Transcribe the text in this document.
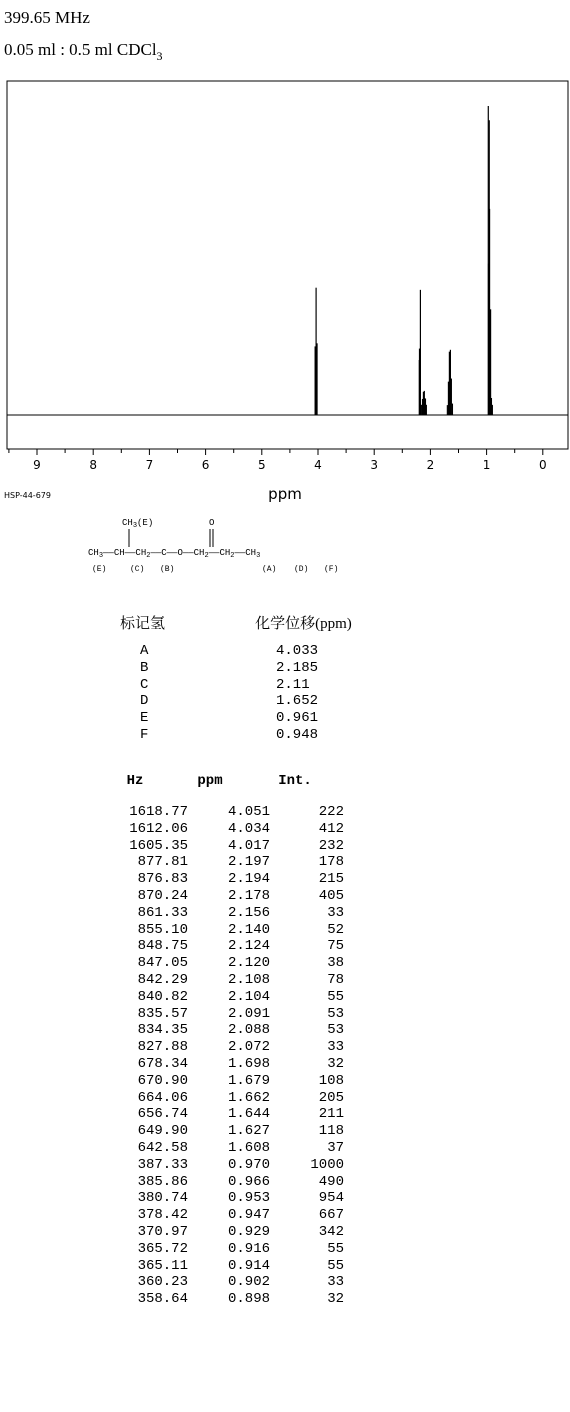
399.65 MHz
0.05 ml : 0.5 ml CDCl$_3$
9	8	7	6	5	4	3	2	1	0
HSP-44-679	ppm
$CH_3(E)$	O
$CH_3——CH——CH_2——C——O——CH_2——CH_2——CH_3$
(E)	(C) (B)	(A) (D) (F)
标记氢	化学位移(ppm)
A	4.033
B	2.185
C	2.11
D	1.652
E	0.961
F	0.948
Hz	ppm	Int.
1618.77	4.051	222
1612.06	4.034	412
1605.35	4.017	232
877.81	2.197	178
876.83	2.194	215
870.24	2.178	405
861.33	2.156	33
855.10	2.140	52
848.75	2.124	75
847.05	2.120	38
842.29	2.108	78
840.82	2.104	55
835.57	2.091	53
834.35	2.088	53
827.88	2.072	33
678.34	1.698	32
670.90	1.679	108
664.06	1.662	205
656.74	1.644	211
649.90	1.627	118
642.58	1.608	37
387.33	0.970	1000
385.86	0.966	490
380.74	0.953	954
378.42	0.947	667
370.97	0.929	342
365.72	0.916	55
365.11	0.914	55
360.23	0.902	33
358.64	0.898	32
